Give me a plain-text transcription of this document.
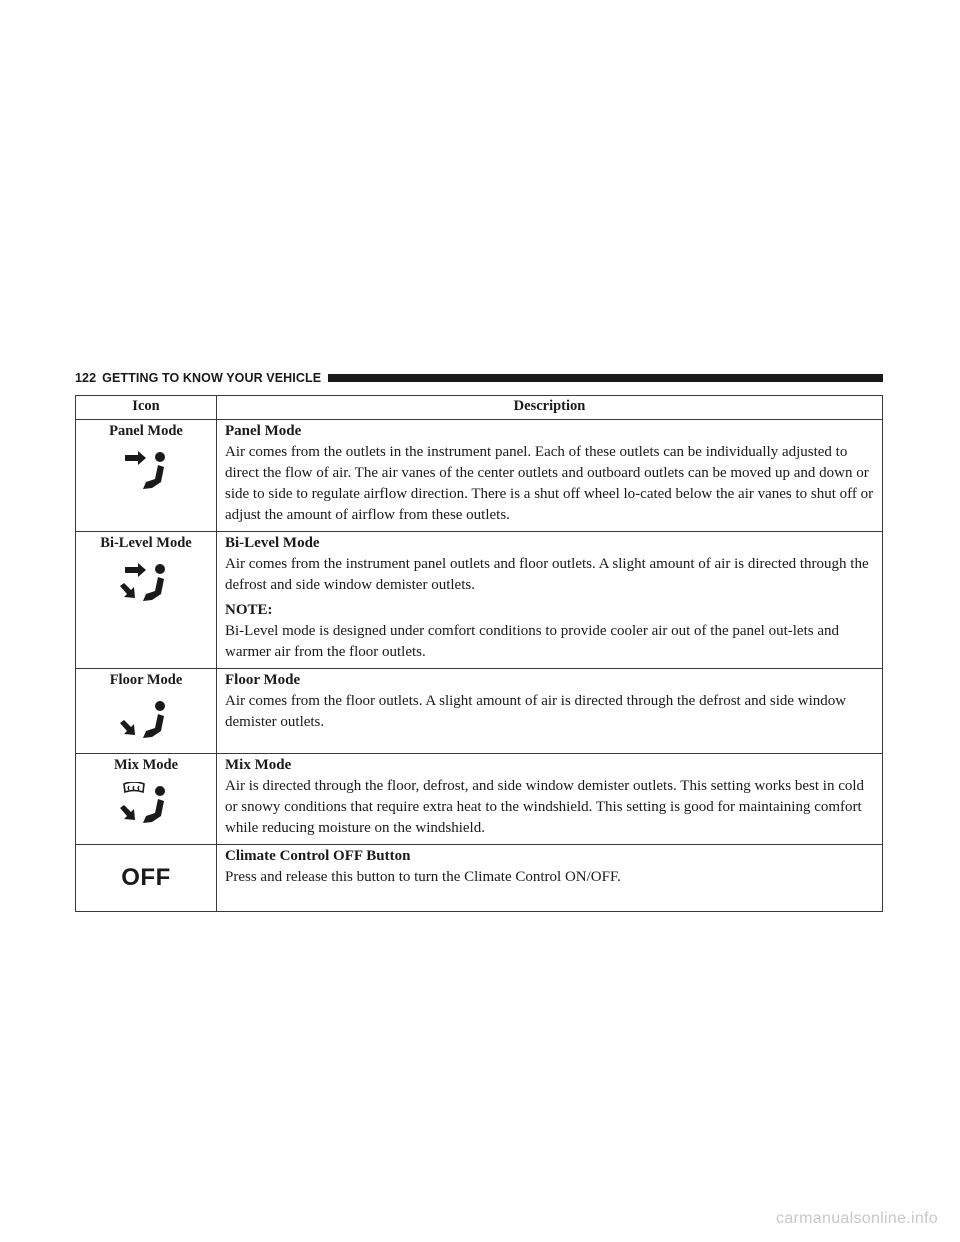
122 GETTING TO KNOW YOUR VEHICLE
Icon	Description

Panel Mode	Panel Mode
Air comes from the outlets in the instrument panel. Each of these outlets can be individually adjusted to direct the flow of air. The air vanes of the center outlets and outboard outlets can be moved up and down or side to side to regulate airflow direction. There is a shut off wheel lo-cated below the air vanes to shut off or adjust the amount of airflow from these outlets.

Bi-Level Mode	Bi-Level Mode
Air comes from the instrument panel outlets and floor outlets. A slight amount of air is directed through the defrost and side window demister outlets.
NOTE:
Bi-Level mode is designed under comfort conditions to provide cooler air out of the panel out-lets and warmer air from the floor outlets.

Floor Mode	Floor Mode
Air comes from the floor outlets. A slight amount of air is directed through the defrost and side window demister outlets.

Mix Mode	Mix Mode
Air is directed through the floor, defrost, and side window demister outlets. This setting works best in cold or snowy conditions that require extra heat to the windshield. This setting is good for maintaining comfort while reducing moisture on the windshield.

OFF	Climate Control OFF Button
Press and release this button to turn the Climate Control ON/OFF.
carmanualsonline.info
